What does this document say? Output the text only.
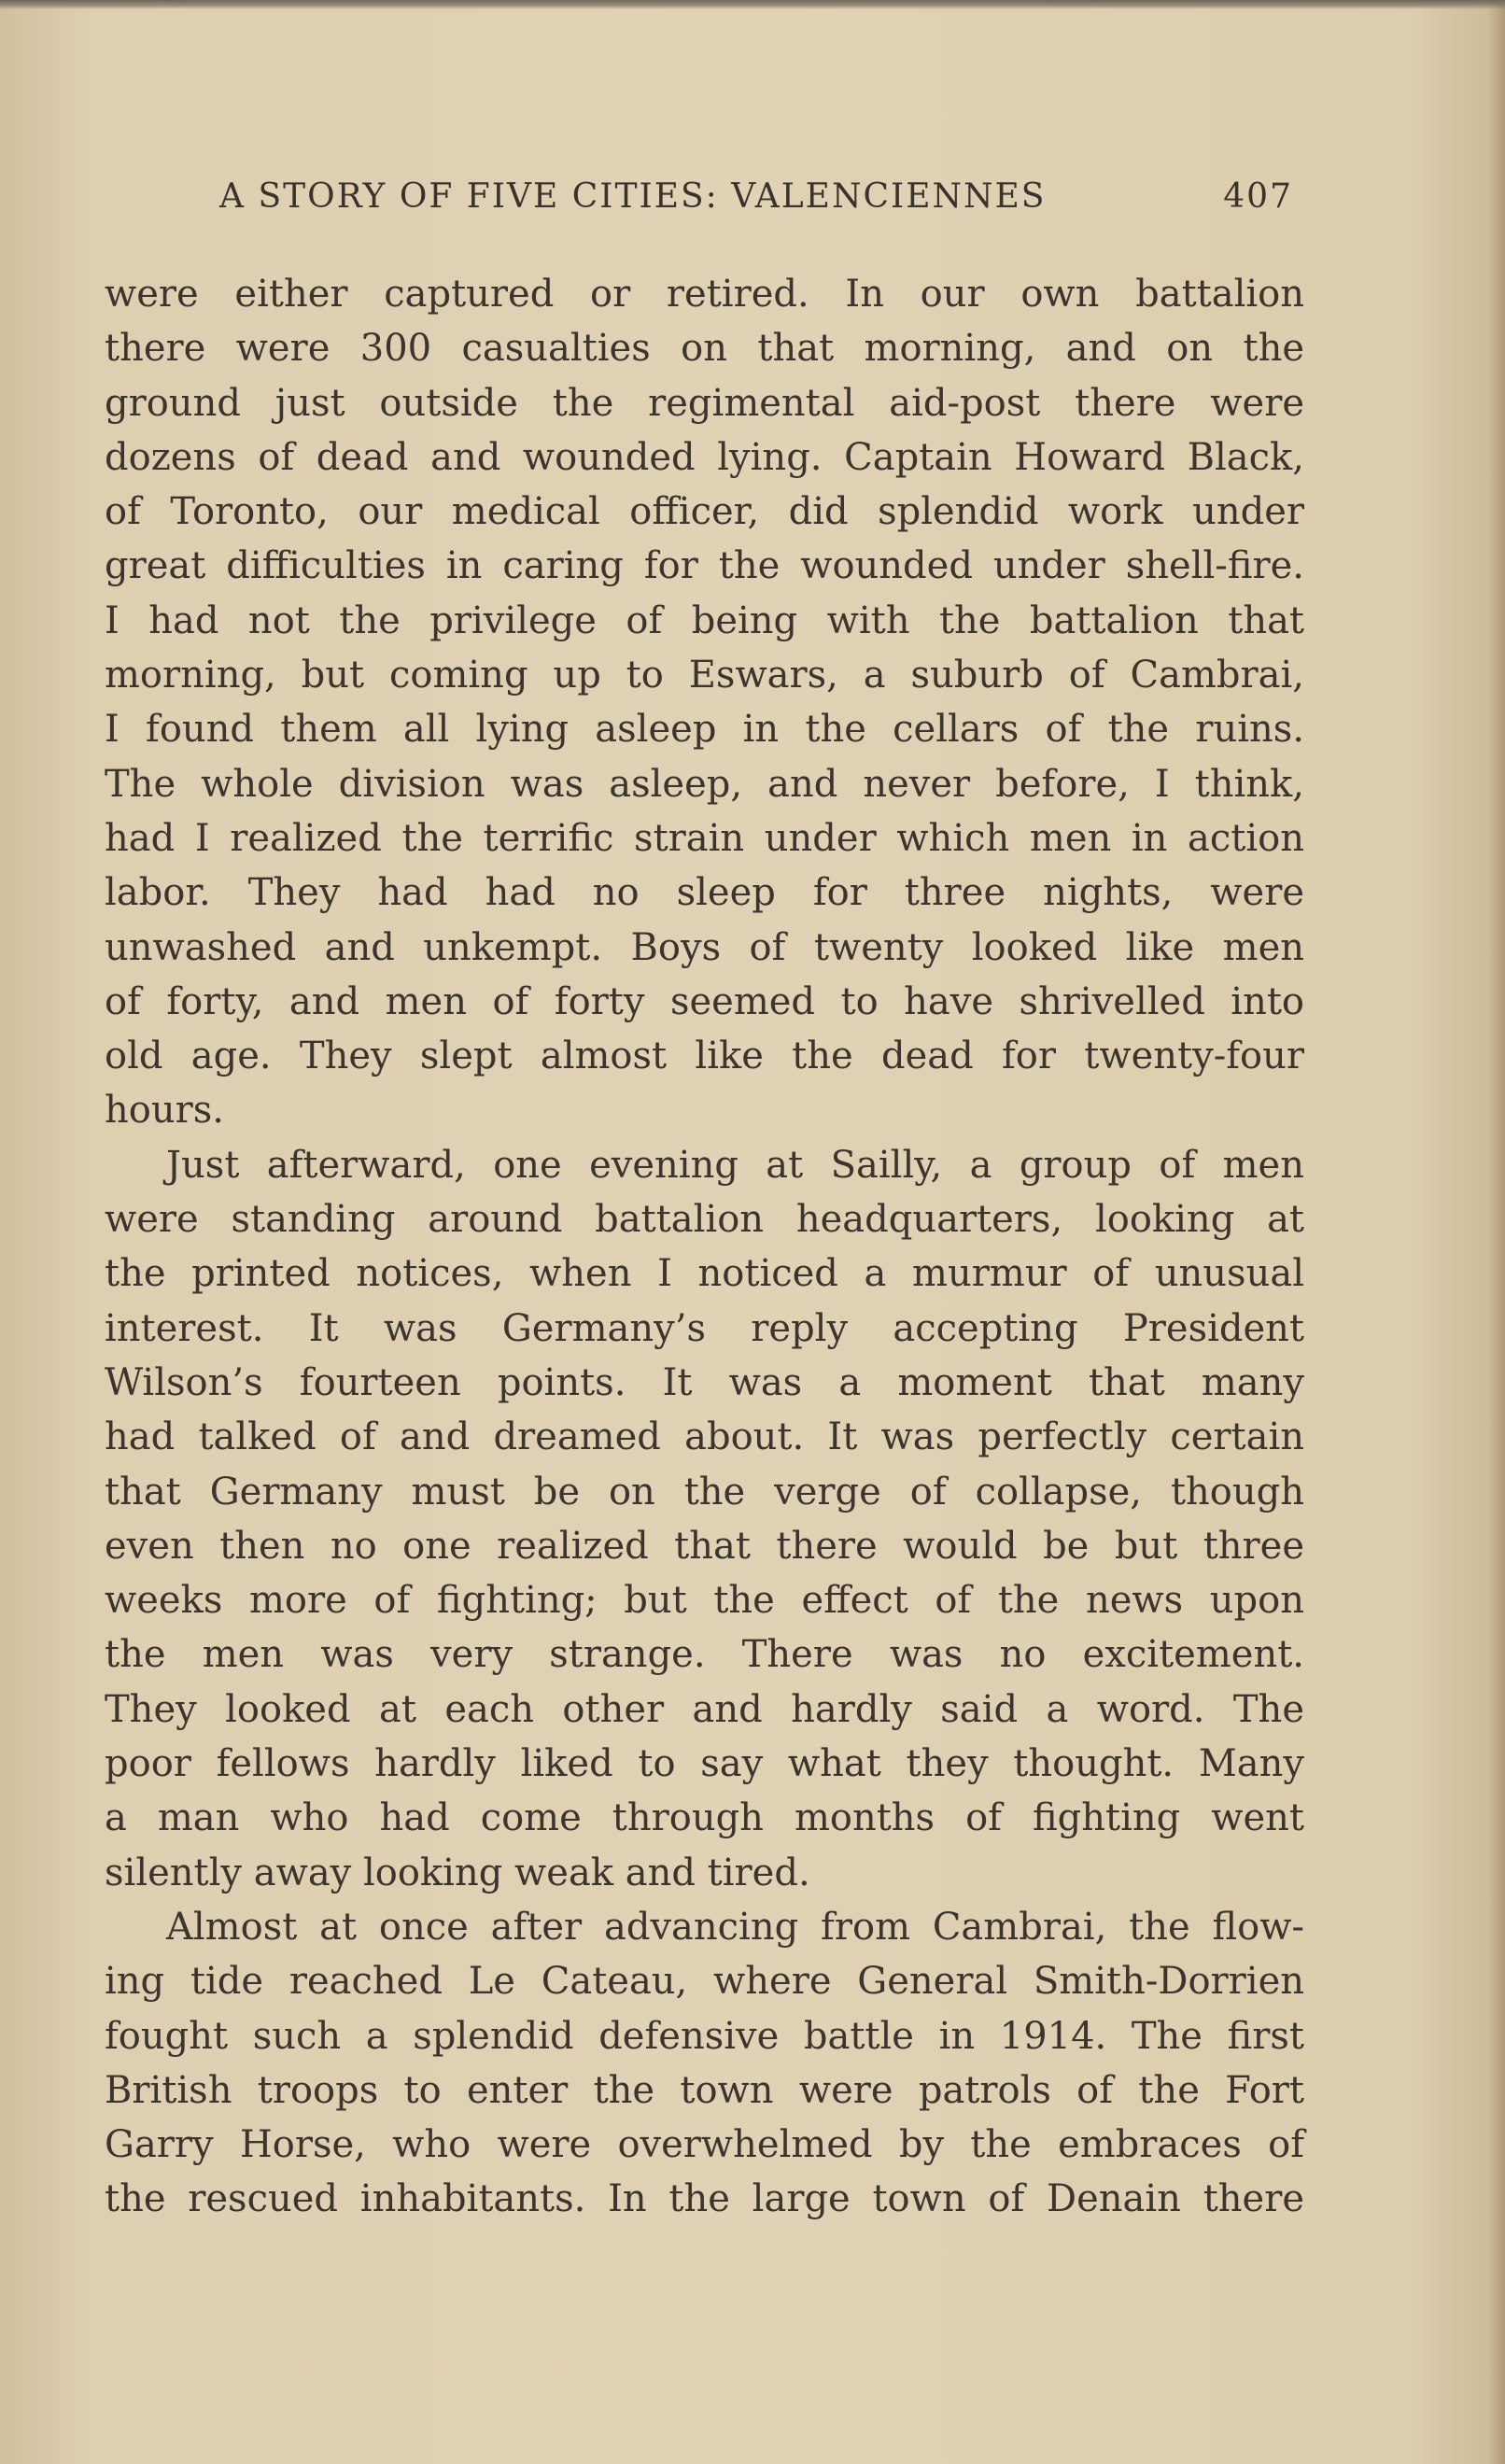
A STORY OF FIVE CITIES: VALENCIENNES	407
were either captured or retired. In our own battalion
there were 300 casualties on that morning, and on the
ground just outside the regimental aid-post there were
dozens of dead and wounded lying. Captain Howard Black,
of Toronto, our medical officer, did splendid work under
great difficulties in caring for the wounded under shell-fire.
I had not the privilege of being with the battalion that
morning, but coming up to Eswars, a suburb of Cambrai,
I found them all lying asleep in the cellars of the ruins.
The whole division was asleep, and never before, I think,
had I realized the terrific strain under which men in action
labor. They had had no sleep for three nights, were
unwashed and unkempt. Boys of twenty looked like men
of forty, and men of forty seemed to have shrivelled into
old age. They slept almost like the dead for twenty-four
hours.
Just afterward, one evening at Sailly, a group of men
were standing around battalion headquarters, looking at
the printed notices, when I noticed a murmur of unusual
interest. It was Germany’s reply accepting President
Wilson’s fourteen points. It was a moment that many
had talked of and dreamed about. It was perfectly certain
that Germany must be on the verge of collapse, though
even then no one realized that there would be but three
weeks more of fighting; but the effect of the news upon
the men was very strange. There was no excitement.
They looked at each other and hardly said a word. The
poor fellows hardly liked to say what they thought. Many
a man who had come through months of fighting went
silently away looking weak and tired.
Almost at once after advancing from Cambrai, the flow-
ing tide reached Le Cateau, where General Smith-Dorrien
fought such a splendid defensive battle in 1914. The first
British troops to enter the town were patrols of the Fort
Garry Horse, who were overwhelmed by the embraces of
the rescued inhabitants. In the large town of Denain there
